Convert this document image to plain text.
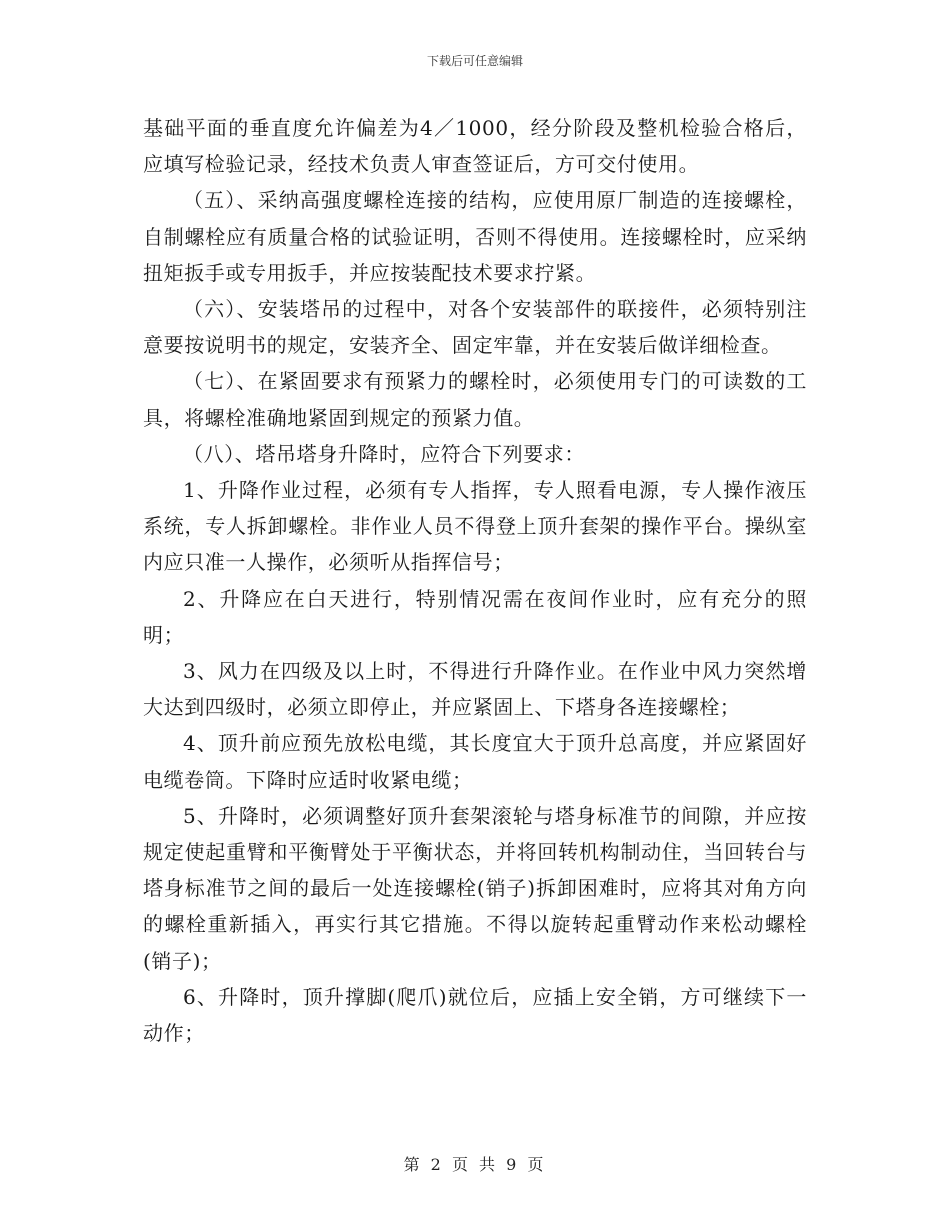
下载后可任意编辑

基础平面的垂直度允许偏差为4／1000，经分阶段及整机检验合格后，应填写检验记录，经技术负责人审查签证后，方可交付使用。

（五）、采纳高强度螺栓连接的结构，应使用原厂制造的连接螺栓，自制螺栓应有质量合格的试验证明，否则不得使用。连接螺栓时，应采纳扭矩扳手或专用扳手，并应按装配技术要求拧紧。

（六）、安装塔吊的过程中，对各个安装部件的联接件，必须特别注意要按说明书的规定，安装齐全、固定牢靠，并在安装后做详细检查。

（七）、在紧固要求有预紧力的螺栓时，必须使用专门的可读数的工具，将螺栓准确地紧固到规定的预紧力值。

（八）、塔吊塔身升降时，应符合下列要求：

1、升降作业过程，必须有专人指挥，专人照看电源，专人操作液压系统，专人拆卸螺栓。非作业人员不得登上顶升套架的操作平台。操纵室内应只准一人操作，必须听从指挥信号；

2、升降应在白天进行，特别情况需在夜间作业时，应有充分的照明；

3、风力在四级及以上时，不得进行升降作业。在作业中风力突然增大达到四级时，必须立即停止，并应紧固上、下塔身各连接螺栓；

4、顶升前应预先放松电缆，其长度宜大于顶升总高度，并应紧固好电缆卷筒。下降时应适时收紧电缆；

5、升降时，必须调整好顶升套架滚轮与塔身标准节的间隙，并应按规定使起重臂和平衡臂处于平衡状态，并将回转机构制动住，当回转台与塔身标准节之间的最后一处连接螺栓(销子)拆卸困难时，应将其对角方向的螺栓重新插入，再实行其它措施。不得以旋转起重臂动作来松动螺栓(销子)；

6、升降时，顶升撑脚(爬爪)就位后，应插上安全销，方可继续下一动作；

第 2 页 共 9 页
